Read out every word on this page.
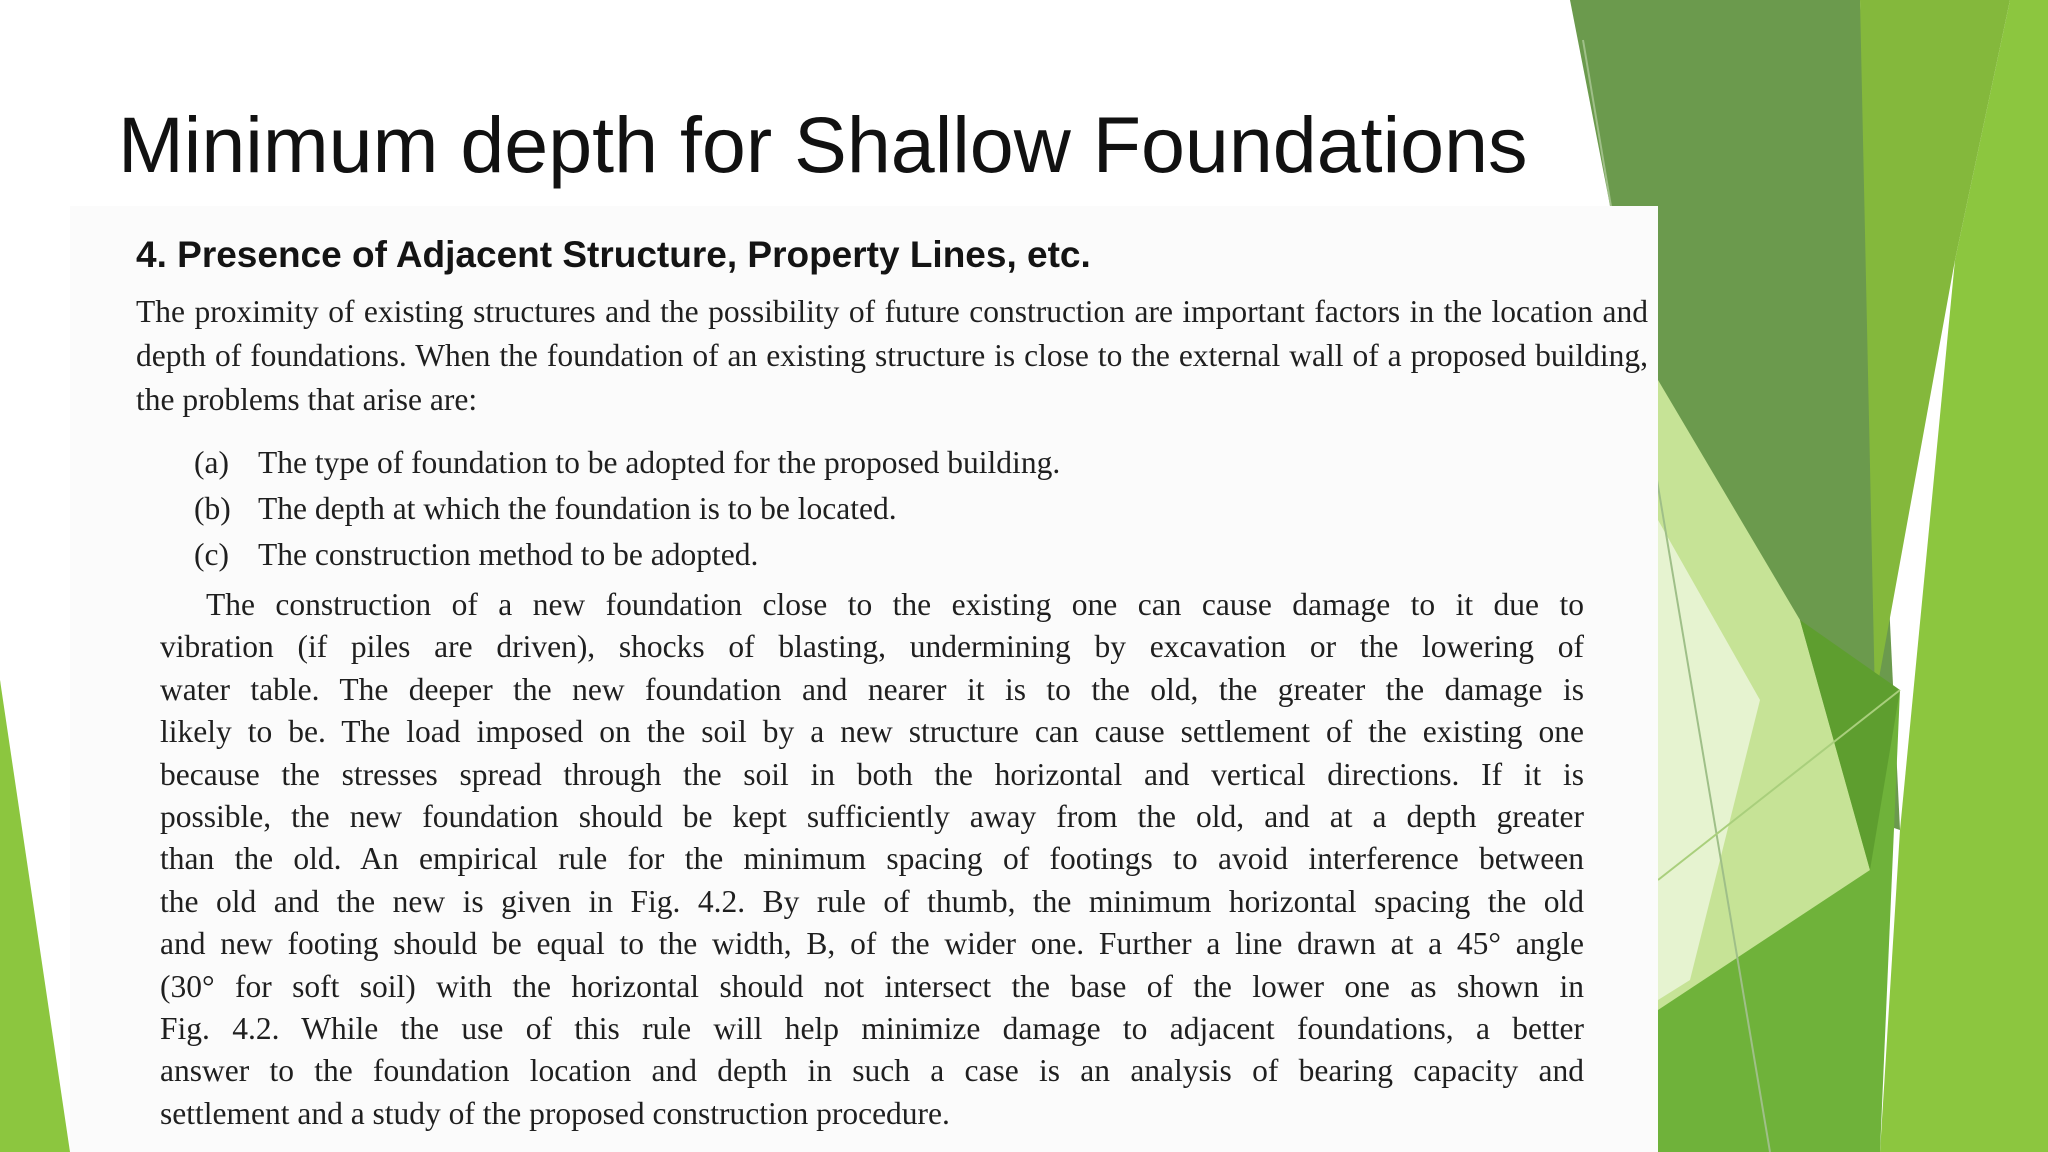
Minimum depth for Shallow Foundations
4. Presence of Adjacent Structure, Property Lines, etc.

The proximity of existing structures and the possibility of future construction are important factors in the location and depth of foundations. When the foundation of an existing structure is close to the external wall of a proposed building, the problems that arise are:

(a) The type of foundation to be adopted for the proposed building.
(b) The depth at which the foundation is to be located.
(c) The construction method to be adopted.

The construction of a new foundation close to the existing one can cause damage to it due to
vibration (if piles are driven), shocks of blasting, undermining by excavation or the lowering of
water table. The deeper the new foundation and nearer it is to the old, the greater the damage is
likely to be. The load imposed on the soil by a new structure can cause settlement of the existing one
because the stresses spread through the soil in both the horizontal and vertical directions. If it is
possible, the new foundation should be kept sufficiently away from the old, and at a depth greater
than the old. An empirical rule for the minimum spacing of footings to avoid interference between
the old and the new is given in Fig. 4.2. By rule of thumb, the minimum horizontal spacing the old
and new footing should be equal to the width, B, of the wider one. Further a line drawn at a 45° angle
(30° for soft soil) with the horizontal should not intersect the base of the lower one as shown in
Fig. 4.2. While the use of this rule will help minimize damage to adjacent foundations, a better
answer to the foundation location and depth in such a case is an analysis of bearing capacity and
settlement and a study of the proposed construction procedure.
